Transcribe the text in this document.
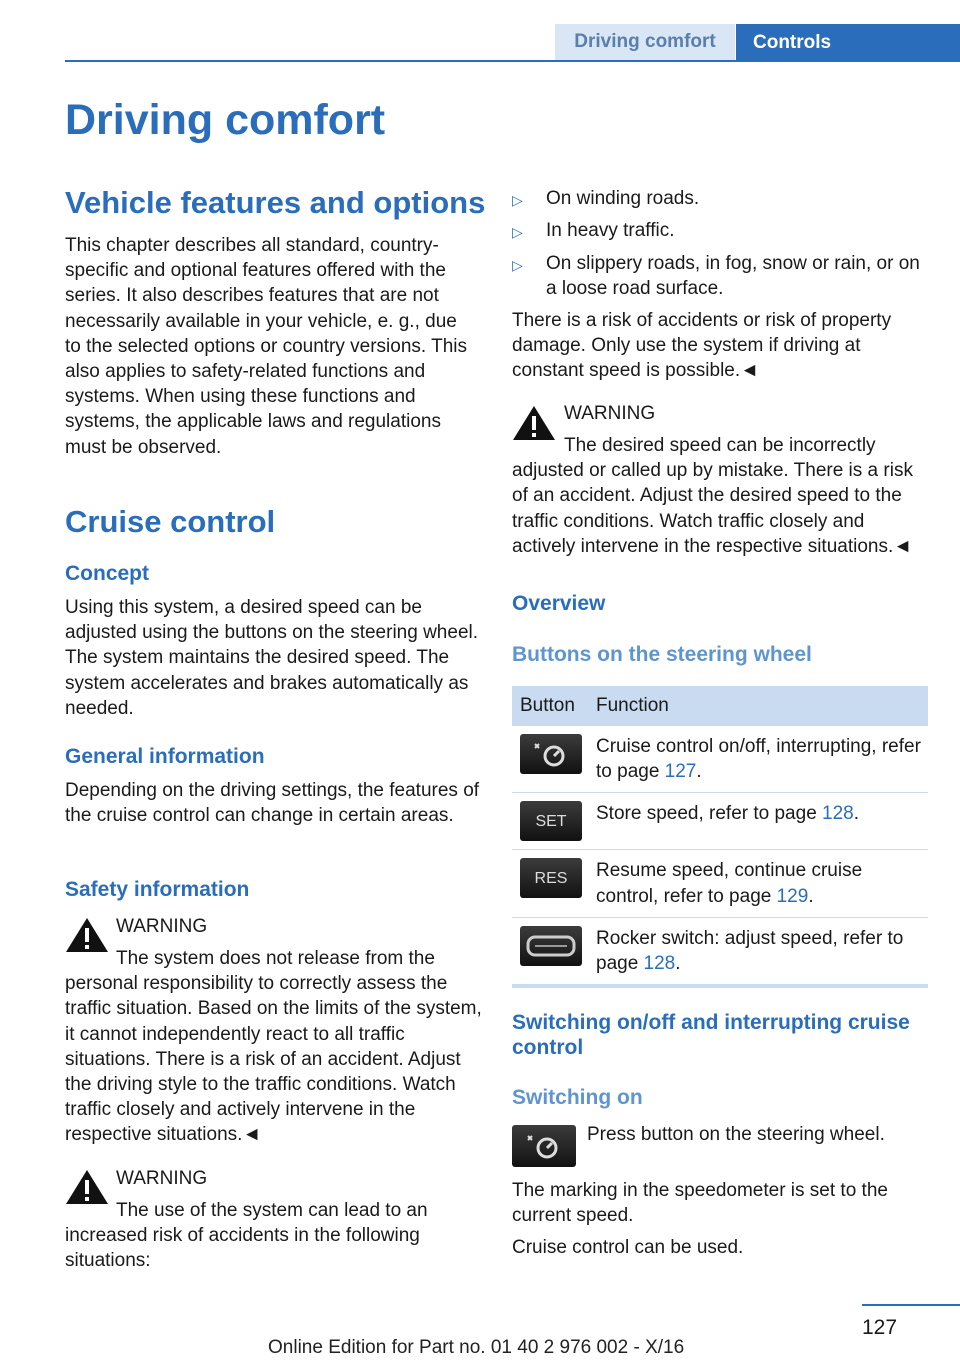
Driving comfort	Controls
Driving comfort
Vehicle features and options
This chapter describes all standard, country-specific and optional features offered with the series. It also describes features that are not necessarily available in your vehicle, e. g., due to the selected options or country versions. This also applies to safety-related functions and systems. When using these functions and systems, the applicable laws and regulations must be observed.
Cruise control
Concept
Using this system, a desired speed can be adjusted using the buttons on the steering wheel. The system maintains the desired speed. The system accelerates and brakes automatically as needed.
General information
Depending on the driving settings, the features of the cruise control can change in certain areas.
Safety information
WARNING
The system does not release from the personal responsibility to correctly assess the traffic situation. Based on the limits of the system, it cannot independently react to all traffic situations. There is a risk of an accident. Adjust the driving style to the traffic conditions. Watch traffic closely and actively intervene in the respective situations.◄
WARNING
The use of the system can lead to an increased risk of accidents in the following situations:
▷ On winding roads.
▷ In heavy traffic.
▷ On slippery roads, in fog, snow or rain, or on a loose road surface.
There is a risk of accidents or risk of property damage. Only use the system if driving at constant speed is possible.◄
WARNING
The desired speed can be incorrectly adjusted or called up by mistake. There is a risk of an accident. Adjust the desired speed to the traffic conditions. Watch traffic closely and actively intervene in the respective situations.◄
Overview
Buttons on the steering wheel
Button	Function

	Cruise control on/off, interrupting, refer to page 127.

SET	Store speed, refer to page 128.

RES	Resume speed, continue cruise control, refer to page 129.

	Rocker switch: adjust speed, refer to page 128.
Switching on/off and interrupting cruise control
Switching on
Press button on the steering wheel.
The marking in the speedometer is set to the current speed.
Cruise control can be used.
127
Online Edition for Part no. 01 40 2 976 002 - X/16
